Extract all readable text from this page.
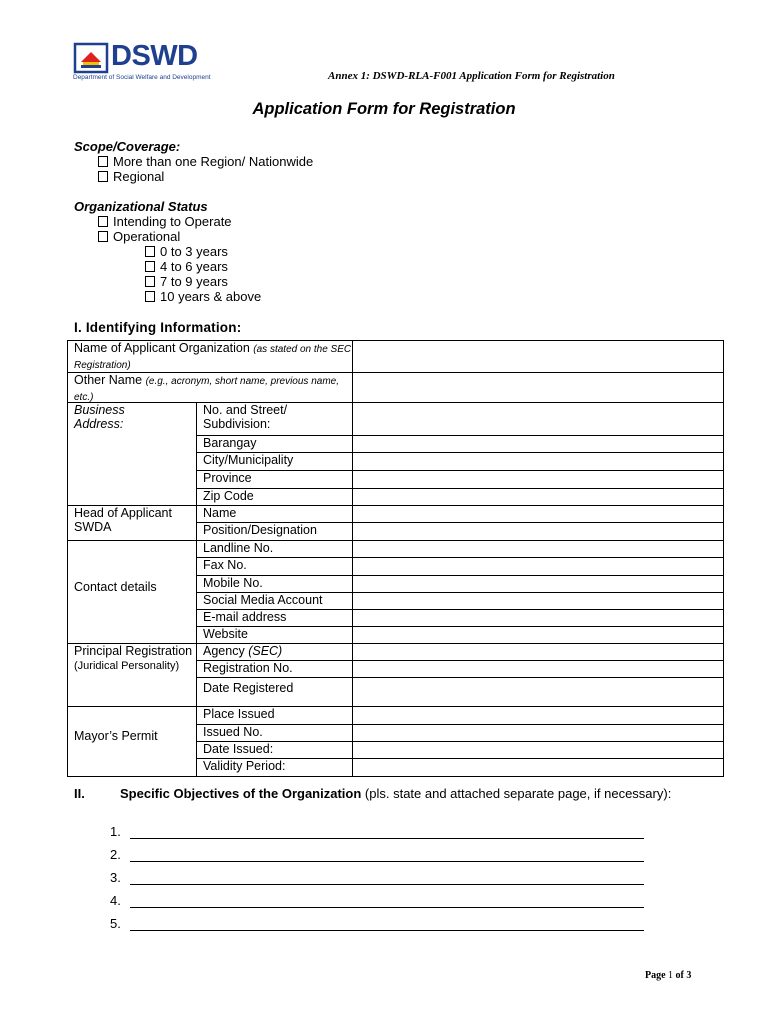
DSWD
Department of Social Welfare and Development	Annex 1: DSWD-RLA-F001 Application Form for Registration
Application Form for Registration
Scope/Coverage:
More than one Region/ Nationwide
Regional
Organizational Status
Intending to Operate
Operational
0 to 3 years
4 to 6 years
7 to 9 years
10 years & above
I. Identifying Information:
Name of Applicant Organization (as stated on the SEC Registration)
Other Name (e.g., acronym, short name, previous name, etc.)
Business
Address:
No. and Street/ Subdivision:
Barangay
City/Municipality
Province
Zip Code
Head of Applicant SWDA
Name
Position/Designation
Contact details
Landline No.
Fax No.
Mobile No.
Social Media Account
E-mail address
Website
Principal Registration
(Juridical Personality)
Agency (SEC)
Registration No.
Date Registered
Mayor’s Permit
Place Issued
Issued No.
Date Issued:
Validity Period:
II.	Specific Objectives of the Organization (pls. state and attached separate page, if necessary):
1.
2.
3.
4.
5.
Page 1 of 3
